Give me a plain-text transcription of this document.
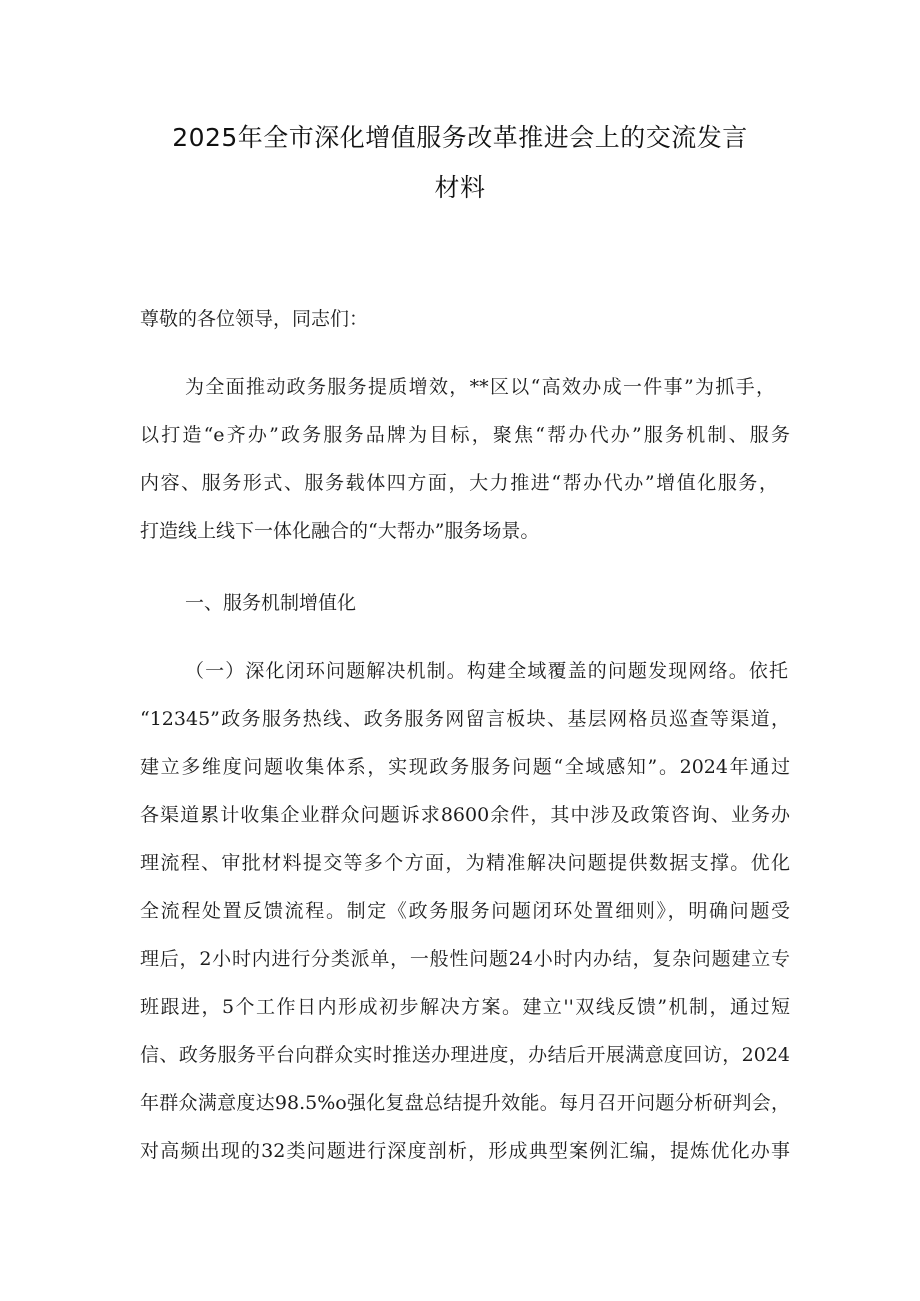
2025年全市深化增值服务改革推进会上的交流发言
材料
尊敬的各位领导，同志们：
为全面推动政务服务提质增效，**区以“高效办成一件事”为抓手，
以打造“e齐办”政务服务品牌为目标，聚焦“帮办代办”服务机制、服务
内容、服务形式、服务载体四方面，大力推进“帮办代办”增值化服务，
打造线上线下一体化融合的“大帮办”服务场景。
一、服务机制增值化
（一）深化闭环问题解决机制。构建全域覆盖的问题发现网络。依托
“12345”政务服务热线、政务服务网留言板块、基层网格员巡查等渠道，
建立多维度问题收集体系，实现政务服务问题“全域感知”。2024年通过
各渠道累计收集企业群众问题诉求8600余件，其中涉及政策咨询、业务办
理流程、审批材料提交等多个方面，为精准解决问题提供数据支撑。优化
全流程处置反馈流程。制定《政务服务问题闭环处置细则》，明确问题受
理后，2小时内进行分类派单，一般性问题24小时内办结，复杂问题建立专
班跟进，5个工作日内形成初步解决方案。建立''双线反馈”机制，通过短
信、政务服务平台向群众实时推送办理进度，办结后开展满意度回访，2024
年群众满意度达98.5%o强化复盘总结提升效能。每月召开问题分析研判会，
对高频出现的32类问题进行深度剖析，形成典型案例汇编，提炼优化办事
